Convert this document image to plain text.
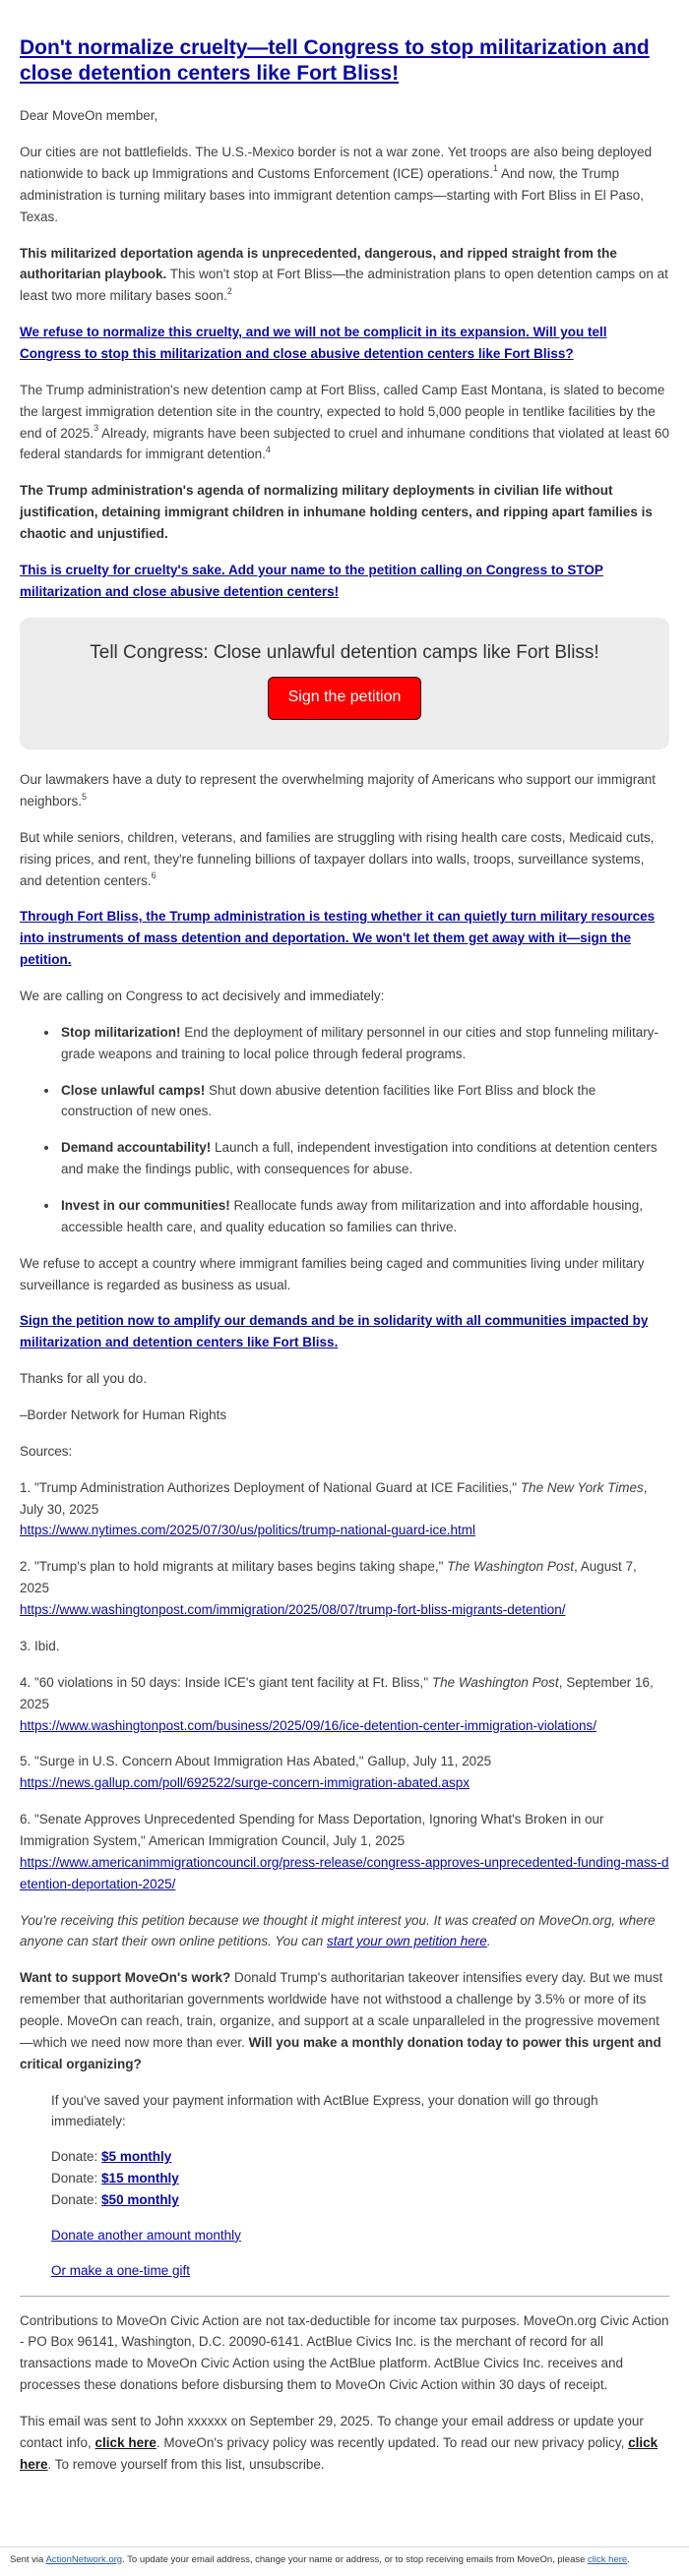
Don't normalize cruelty—tell Congress to stop militarization and close detention centers like Fort Bliss!

Dear MoveOn member,

Our cities are not battlefields. The U.S.-Mexico border is not a war zone. Yet troops are also being deployed nationwide to back up Immigrations and Customs Enforcement (ICE) operations.$^1$ And now, the Trump administration is turning military bases into immigrant detention camps—starting with Fort Bliss in El Paso, Texas.

This militarized deportation agenda is unprecedented, dangerous, and ripped straight from the authoritarian playbook. This won't stop at Fort Bliss—the administration plans to open detention camps on at least two more military bases soon.$^2$

We refuse to normalize this cruelty, and we will not be complicit in its expansion. Will you tell Congress to stop this militarization and close abusive detention centers like Fort Bliss?

The Trump administration's new detention camp at Fort Bliss, called Camp East Montana, is slated to become the largest immigration detention site in the country, expected to hold 5,000 people in tentlike facilities by the end of 2025.$^3$ Already, migrants have been subjected to cruel and inhumane conditions that violated at least 60 federal standards for immigrant detention.$^4$

The Trump administration's agenda of normalizing military deployments in civilian life without justification, detaining immigrant children in inhumane holding centers, and ripping apart families is chaotic and unjustified.

This is cruelty for cruelty's sake. Add your name to the petition calling on Congress to STOP militarization and close abusive detention centers!

Tell Congress: Close unlawful detention camps like Fort Bliss!
Sign the petition

Our lawmakers have a duty to represent the overwhelming majority of Americans who support our immigrant neighbors.$^5$

But while seniors, children, veterans, and families are struggling with rising health care costs, Medicaid cuts, rising prices, and rent, they're funneling billions of taxpayer dollars into walls, troops, surveillance systems, and detention centers.$^6$

Through Fort Bliss, the Trump administration is testing whether it can quietly turn military resources into instruments of mass detention and deportation. We won't let them get away with it—sign the petition.

We are calling on Congress to act decisively and immediately:

• Stop militarization! End the deployment of military personnel in our cities and stop funneling military-grade weapons and training to local police through federal programs.
• Close unlawful camps! Shut down abusive detention facilities like Fort Bliss and block the construction of new ones.
• Demand accountability! Launch a full, independent investigation into conditions at detention centers and make the findings public, with consequences for abuse.
• Invest in our communities! Reallocate funds away from militarization and into affordable housing, accessible health care, and quality education so families can thrive.

We refuse to accept a country where immigrant families being caged and communities living under military surveillance is regarded as business as usual.

Sign the petition now to amplify our demands and be in solidarity with all communities impacted by militarization and detention centers like Fort Bliss.

Thanks for all you do.

–Border Network for Human Rights

Sources:

1. "Trump Administration Authorizes Deployment of National Guard at ICE Facilities," The New York Times, July 30, 2025
https://www.nytimes.com/2025/07/30/us/politics/trump-national-guard-ice.html
2. "Trump's plan to hold migrants at military bases begins taking shape," The Washington Post, August 7, 2025
https://www.washingtonpost.com/immigration/2025/08/07/trump-fort-bliss-migrants-detention/
3. Ibid.
4. "60 violations in 50 days: Inside ICE's giant tent facility at Ft. Bliss," The Washington Post, September 16, 2025
https://www.washingtonpost.com/business/2025/09/16/ice-detention-center-immigration-violations/
5. "Surge in U.S. Concern About Immigration Has Abated," Gallup, July 11, 2025
https://news.gallup.com/poll/692522/surge-concern-immigration-abated.aspx
6. "Senate Approves Unprecedented Spending for Mass Deportation, Ignoring What's Broken in our Immigration System," American Immigration Council, July 1, 2025
https://www.americanimmigrationcouncil.org/press-release/congress-approves-unprecedented-funding-mass-detention-deportation-2025/

You're receiving this petition because we thought it might interest you. It was created on MoveOn.org, where anyone can start their own online petitions. You can start your own petition here.

Want to support MoveOn's work? Donald Trump's authoritarian takeover intensifies every day. But we must remember that authoritarian governments worldwide have not withstood a challenge by 3.5% or more of its people. MoveOn can reach, train, organize, and support at a scale unparalleled in the progressive movement—which we need now more than ever. Will you make a monthly donation today to power this urgent and critical organizing?

If you've saved your payment information with ActBlue Express, your donation will go through immediately:

Donate: $5 monthly
Donate: $15 monthly
Donate: $50 monthly
Donate another amount monthly
Or make a one-time gift

Contributions to MoveOn Civic Action are not tax-deductible for income tax purposes. MoveOn.org Civic Action - PO Box 96141, Washington, D.C. 20090-6141. ActBlue Civics Inc. is the merchant of record for all transactions made to MoveOn Civic Action using the ActBlue platform. ActBlue Civics Inc. receives and processes these donations before disbursing them to MoveOn Civic Action within 30 days of receipt.

This email was sent to John xxxxxx on September 29, 2025. To change your email address or update your contact info, click here. MoveOn's privacy policy was recently updated. To read our new privacy policy, click here. To remove yourself from this list, unsubscribe.

Sent via ActionNetwork.org. To update your email address, change your name or address, or to stop receiving emails from MoveOn, please click here.
